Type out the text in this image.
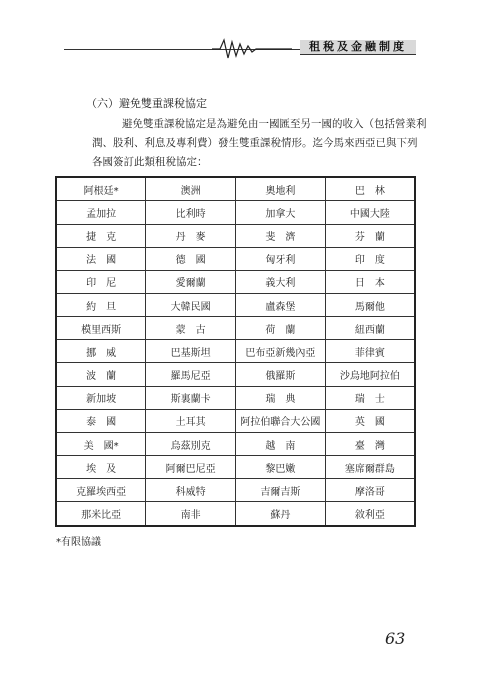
租稅及金融制度
（六）避免雙重課稅協定
避免雙重課稅協定是為避免由一國匯至另一國的收入（包括營業利
潤、股利、利息及專利費）發生雙重課稅情形。迄今馬來西亞已與下列
各國簽訂此類租稅協定：
阿根廷*	澳洲	奧地利	巴　林
孟加拉	比利時	加拿大	中國大陸
捷　克	丹　麥	斐　濟	芬　蘭
法　國	德　國	匈牙利	印　度
印　尼	愛爾蘭	義大利	日　本
約　旦	大韓民國	盧森堡	馬爾他
模里西斯	蒙　古	荷　蘭	紐西蘭
挪　威	巴基斯坦	巴布亞新幾內亞	菲律賓
波　蘭	羅馬尼亞	俄羅斯	沙烏地阿拉伯
新加坡	斯裏蘭卡	瑞　典	瑞　士
泰　國	土耳其	阿拉伯聯合大公國	英　國
美　國*	烏茲別克	越　南	臺　灣
埃　及	阿爾巴尼亞	黎巴嫩	塞席爾群島
克羅埃西亞	科威特	吉爾吉斯	摩洛哥
那米比亞	南非	蘇丹	敘利亞
*有限協議
63
